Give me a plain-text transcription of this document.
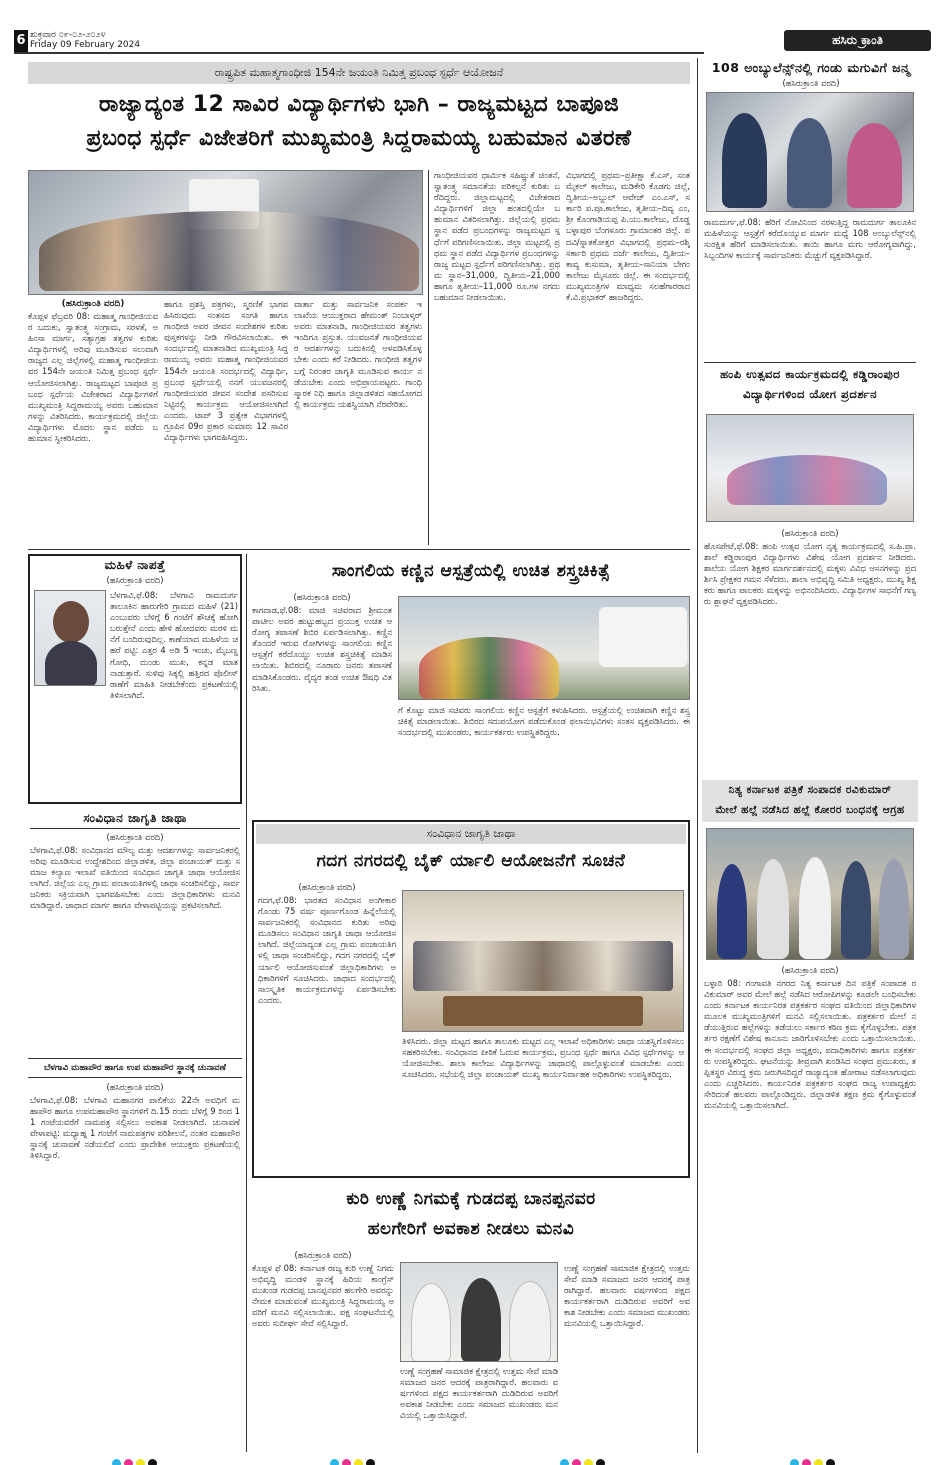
6 ಶುಕ್ರವಾರ ೦೯-೦೨-೨೦೨೪
Friday 09 February 2024	ಹಸಿರು ಕ್ರಾಂತಿ
ರಾಷ್ಟ್ರಪಿತ ಮಹಾತ್ಮಗಾಂಧೀಜಿ 154ನೇ ಜಯಂತಿ ನಿಮಿತ್ತ ಪ್ರಬಂಧ ಸ್ಪರ್ಧೆ ಆಯೋಜನೆ
ರಾಜ್ಯಾದ್ಯಂತ 12 ಸಾವಿರ ವಿದ್ಯಾರ್ಥಿಗಳು ಭಾಗಿ – ರಾಜ್ಯಮಟ್ಟದ ಬಾಪೂಜಿ
ಪ್ರಬಂಧ ಸ್ಪರ್ಧೆ ವಿಜೇತರಿಗೆ ಮುಖ್ಯಮಂತ್ರಿ ಸಿದ್ದರಾಮಯ್ಯ ಬಹುಮಾನ ವಿತರಣೆ
(ಹಸಿರುಕ್ರಾಂತಿ ವರದಿ)
ಕೊಪ್ಪಳ ಫೆಬ್ರವರಿ 08: ಮಹಾತ್ಮ ಗಾಂಧೀಜಿಯವರ ಬದುಕು, ಸ್ವಾತಂತ್ರ್ಯ ಸಂಗ್ರಾಮ, ಸರಳತೆ, ಅಹಿಂಸಾ ಮಾರ್ಗ, ಸತ್ಯಾಗ್ರಹ ತತ್ವಗಳ ಕುರಿತು ವಿದ್ಯಾರ್ಥಿಗಳಲ್ಲಿ ಅರಿವು ಮೂಡಿಸುವ ಸಲುವಾಗಿ ರಾಜ್ಯದ ಎಲ್ಲ ಜಿಲ್ಲೆಗಳಲ್ಲಿ ಮಹಾತ್ಮ ಗಾಂಧೀಜಿಯವರ 154ನೇ ಜಯಂತಿ ನಿಮಿತ್ತ ಪ್ರಬಂಧ ಸ್ಪರ್ಧೆ ಆಯೋಜಿಸಲಾಗಿತ್ತು. ರಾಜ್ಯಮಟ್ಟದ ಬಾಪೂಜಿ ಪ್ರಬಂಧ ಸ್ಪರ್ಧೆಯ ವಿಜೇತರಾದ ವಿದ್ಯಾರ್ಥಿಗಳಿಗೆ ಮುಖ್ಯಮಂತ್ರಿ ಸಿದ್ದರಾಮಯ್ಯ ಅವರು ಬಹುಮಾನಗಳನ್ನು ವಿತರಿಸಿದರು. ಕಾರ್ಯಕ್ರಮದಲ್ಲಿ ಜಿಲ್ಲೆಯ ವಿದ್ಯಾರ್ಥಿಗಳು ಮೊದಲ ಸ್ಥಾನ ಪಡೆದು ಬಹುಮಾನ ಸ್ವೀಕರಿಸಿದರು.
ಹಾಗೂ ಪ್ರಶಸ್ತಿ ಪತ್ರಗಳು, ಸ್ಮರಣಿಕೆ ಭಾಗವಹಿಸಿರುವುದು ಸಂತಸದ ಸಂಗತಿ ಹಾಗೂ ಗಾಂಧೀಜಿ ಅವರ ಜೀವನ ಸಂದೇಶಗಳ ಕುರಿತು ಪುಸ್ತಕಗಳನ್ನು ನೀಡಿ ಗೌರವಿಸಲಾಯಿತು. ಈ ಸಂದರ್ಭದಲ್ಲಿ ಮಾತನಾಡಿದ ಮುಖ್ಯಮಂತ್ರಿ ಸಿದ್ದರಾಮಯ್ಯ ಅವರು ಮಹಾತ್ಮ ಗಾಂಧೀಜಿಯವರ 154ನೇ ಜಯಂತಿ ಸಂದರ್ಭದಲ್ಲಿ ವಿದ್ಯಾರ್ಥಿ, ಪ್ರಬಂಧ ಸ್ಪರ್ಧೆಯಲ್ಲಿ ನನಗೆ ಯುವಜನರಲ್ಲಿ ಗಾಂಧೀಜಿಯವರ ಜೀವನ ಸಂದೇಶ ಪಸರಿಸುವ ನಿಟ್ಟಿನಲ್ಲಿ ಕಾರ್ಯಕ್ರಮ ಆಯೋಜಿಸಲಾಗಿದೆ ಎಂದರು. ಟಾಪ್ 3 ಪ್ರತ್ಯೇಕ ವಿಭಾಗಗಳಲ್ಲಿ ಗ್ರೂಪಿನ 09ರ ಪ್ರಕಾರ ಸುಮಾರು 12 ಸಾವಿರ ವಿದ್ಯಾರ್ಥಿಗಳು ಭಾಗವಹಿಸಿದ್ದರು.
ವಾರ್ತಾ ಮತ್ತು ಸಾರ್ವಜನಿಕ ಸಂಪರ್ಕ ಇಲಾಖೆಯ ಆಯುಕ್ತರಾದ ಹೇಮಂತ್ ನಿಂಬಾಳ್ಕರ್ ಅವರು ಮಾತನಾಡಿ, ಗಾಂಧೀಜಿಯವರ ತತ್ವಗಳು ಇಂದಿಗೂ ಪ್ರಸ್ತುತ. ಯುವಜನತೆ ಗಾಂಧೀಜಿಯವರ ಆದರ್ಶಗಳನ್ನು ಬದುಕಿನಲ್ಲಿ ಅಳವಡಿಸಿಕೊಳ್ಳಬೇಕು ಎಂದು ಕರೆ ನೀಡಿದರು. ಗಾಂಧೀಜಿ ತತ್ವಗಳ ಬಗ್ಗೆ ನಿರಂತರ ಜಾಗೃತಿ ಮೂಡಿಸುವ ಕಾರ್ಯ ನಡೆಯಬೇಕು ಎಂದು ಅಭಿಪ್ರಾಯಪಟ್ಟರು. ಗಾಂಧಿ ಸ್ಮಾರಕ ನಿಧಿ ಹಾಗೂ ಜಿಲ್ಲಾಡಳಿತದ ಸಹಯೋಗದಲ್ಲಿ ಕಾರ್ಯಕ್ರಮ ಯಶಸ್ವಿಯಾಗಿ ನೆರವೇರಿತು.
ಗಾಂಧೀಜಿಯವರ ಧಾರ್ಮಿಕ ಸಹಿಷ್ಣುತೆ ಚಿಂತನೆ, ಸ್ವಾತಂತ್ರ್ಯ ಸಮಾನತೆಯ ಪರಿಕಲ್ಪನೆ ಕುರಿತು ಬರೆದಿದ್ದರು. ಜಿಲ್ಲಾಮಟ್ಟದಲ್ಲಿ ವಿಜೇತರಾದ ವಿದ್ಯಾರ್ಥಿಗಳಿಗೆ ಜಿಲ್ಲಾ ಹಂತದಲ್ಲಿಯೇ ಬಹುಮಾನ ವಿತರಿಸಲಾಗಿತ್ತು. ಜಿಲ್ಲೆಯಲ್ಲಿ ಪ್ರಥಮ ಸ್ಥಾನ ಪಡೆದ ಪ್ರಬಂಧಗಳನ್ನು ರಾಜ್ಯಮಟ್ಟದ ಸ್ಪರ್ಧೆಗೆ ಪರಿಗಣಿಸಲಾಯಿತು. ಜಿಲ್ಲಾ ಮಟ್ಟದಲ್ಲಿ ಪ್ರಥಮ ಸ್ಥಾನ ಪಡೆದ ವಿದ್ಯಾರ್ಥಿಗಳ ಪ್ರಬಂಧಗಳನ್ನು ರಾಜ್ಯ ಮಟ್ಟದ ಸ್ಪರ್ಧೆಗೆ ಪರಿಗಣಿಸಲಾಗಿತ್ತು. ಪ್ರಥಮ ಸ್ಥಾನ–31,000, ದ್ವಿತೀಯ–21,000 ಹಾಗೂ ತೃತೀಯ–11,000 ರೂ.ಗಳ ನಗದು ಬಹುಮಾನ ನೀಡಲಾಯಿತು.
ವಿಭಾಗದಲ್ಲಿ ಪ್ರಥಮ–ಪ್ರತೀಕ್ಷಾ ಕೆ.ಎಸ್, ಸಂತ ಮೈಕಲ್ ಕಾಲೇಜು, ಮಡಿಕೇರಿ ಕೊಡಗು ಜಿಲ್ಲೆ, ದ್ವಿತೀಯ–ಅಬ್ದುಲ್ ಆವೇಜ್ ಎಂ.ಎಸ್, ಸರ್ಕಾರಿ ಪ.ಪೂ.ಕಾಲೇಜು, ತೃತೀಯ–ದಿವ್ಯ ಎಂ, ಶ್ರೀ ಕೊಂಗಾಡಿಯಪ್ಪ ಪಿ.ಯು.ಕಾಲೇಜು, ದೊಡ್ಡಬಳ್ಳಾಪುರ ಬೆಂಗಳೂರು ಗ್ರಾಮಾಂತರ ಜಿಲ್ಲೆ. ಪದವಿ/ಸ್ನಾತಕೋತ್ತರ ವಿಭಾಗದಲ್ಲಿ ಪ್ರಥಮ–ರಶ್ಮಿ ಸರ್ಕಾರಿ ಪ್ರಥಮ ದರ್ಜೆ ಕಾಲೇಜು, ದ್ವಿತೀಯ–ಕಾವ್ಯ ಕುಸುಮಾ, ತೃತೀಯ–ಸಾನಿಯಾ ಬೇಗಂ ಕಾಲೇಜು ಮೈಸೂರು ಜಿಲ್ಲೆ. ಈ ಸಂದರ್ಭದಲ್ಲಿ ಮುಖ್ಯಮಂತ್ರಿಗಳ ಮಾಧ್ಯಮ ಸಲಹೆಗಾರರಾದ ಕೆ.ವಿ.ಪ್ರಭಾಕರ್ ಹಾಜರಿದ್ದರು.
108 ಅಂಬ್ಯುಲೆನ್ಸ್‌ನಲ್ಲಿ ಗಂಡು ಮಗುವಿಗೆ ಜನ್ಮ
(ಹಸಿರುಕ್ರಾಂತಿ ವರದಿ)
ರಾಮದುರ್ಗ,ಫೆ.08: ಹೆರಿಗೆ ನೋವಿನಿಂದ ನರಳುತ್ತಿದ್ದ ರಾಮದುರ್ಗ ತಾಲೂಕಿನ ಮಹಿಳೆಯನ್ನು ಆಸ್ಪತ್ರೆಗೆ ಕರೆದೊಯ್ಯುವ ಮಾರ್ಗ ಮಧ್ಯೆ 108 ಅಂಬ್ಯುಲೆನ್ಸ್‌ನಲ್ಲಿ ಸುರಕ್ಷಿತ ಹೆರಿಗೆ ಮಾಡಿಸಲಾಯಿತು. ತಾಯಿ ಹಾಗೂ ಮಗು ಆರೋಗ್ಯವಾಗಿದ್ದು, ಸಿಬ್ಬಂದಿಗಳ ಕಾರ್ಯಕ್ಕೆ ಸಾರ್ವಜನಿಕರು ಮೆಚ್ಚುಗೆ ವ್ಯಕ್ತಪಡಿಸಿದ್ದಾರೆ.
ಹಂಪಿ ಉತ್ಸವದ ಕಾರ್ಯಕ್ರಮದಲ್ಲಿ ಕಡ್ಡಿರಾಂಪುರ
ವಿದ್ಯಾರ್ಥಿಗಳಿಂದ ಯೋಗ ಪ್ರದರ್ಶನ
(ಹಸಿರುಕ್ರಾಂತಿ ವರದಿ)
ಹೊಸಪೇಟೆ,ಫೆ.08: ಹಂಪಿ ಉತ್ಸವ ಯೋಗ ನೃತ್ಯ ಕಾರ್ಯಕ್ರಮದಲ್ಲಿ ಸ.ಹಿ.ಪ್ರಾ.ಶಾಲೆ ಕಡ್ಡಿರಾಂಪುರ ವಿದ್ಯಾರ್ಥಿಗಳು ವಿಶೇಷ ಯೋಗ ಪ್ರದರ್ಶನ ನೀಡಿದರು. ಶಾಲೆಯ ಯೋಗ ಶಿಕ್ಷಕರ ಮಾರ್ಗದರ್ಶನದಲ್ಲಿ ಮಕ್ಕಳು ವಿವಿಧ ಆಸನಗಳನ್ನು ಪ್ರದರ್ಶಿಸಿ ಪ್ರೇಕ್ಷಕರ ಗಮನ ಸೆಳೆದರು. ಶಾಲಾ ಅಭಿವೃದ್ಧಿ ಸಮಿತಿ ಅಧ್ಯಕ್ಷರು, ಮುಖ್ಯ ಶಿಕ್ಷಕರು ಹಾಗೂ ಪಾಲಕರು ಮಕ್ಕಳನ್ನು ಅಭಿನಂದಿಸಿದರು. ವಿದ್ಯಾರ್ಥಿಗಳ ಸಾಧನೆಗೆ ಗಣ್ಯರು ಶ್ಲಾಘನೆ ವ್ಯಕ್ತಪಡಿಸಿದರು.
ನಿತ್ಯ ಕರ್ನಾಟಕ ಪತ್ರಿಕೆ ಸಂಪಾದಕ ರವಿಕುಮಾರ್
ಮೇಲೆ ಹಲ್ಲೆ ನಡೆಸಿದ ಹಲ್ಲೆ ಕೋರರ ಬಂಧನಕ್ಕೆ ಆಗ್ರಹ
(ಹಸಿರುಕ್ರಾಂತಿ ವರದಿ)
ಬಳ್ಳಾರಿ 08: ಗಂಗಾವತಿ ನಗರದ ನಿತ್ಯ ಕರ್ನಾಟಕ ದಿನ ಪತ್ರಿಕೆ ಸಂಪಾದಕ ರವಿಕುಮಾರ್ ಅವರ ಮೇಲೆ ಹಲ್ಲೆ ನಡೆಸಿದ ಆರೋಪಿಗಳನ್ನು ಕೂಡಲೇ ಬಂಧಿಸಬೇಕು ಎಂದು ಕರ್ನಾಟಕ ಕಾರ್ಯನಿರತ ಪತ್ರಕರ್ತರ ಸಂಘದ ವತಿಯಿಂದ ಜಿಲ್ಲಾಧಿಕಾರಿಗಳ ಮೂಲಕ ಮುಖ್ಯಮಂತ್ರಿಗಳಿಗೆ ಮನವಿ ಸಲ್ಲಿಸಲಾಯಿತು. ಪತ್ರಕರ್ತರ ಮೇಲೆ ನಡೆಯುತ್ತಿರುವ ಹಲ್ಲೆಗಳನ್ನು ತಡೆಯಲು ಸರ್ಕಾರ ಕಠಿಣ ಕ್ರಮ ಕೈಗೊಳ್ಳಬೇಕು. ಪತ್ರಕರ್ತರ ರಕ್ಷಣೆಗೆ ವಿಶೇಷ ಕಾನೂನು ಜಾರಿಗೊಳಿಸಬೇಕು ಎಂದು ಒತ್ತಾಯಿಸಲಾಯಿತು. ಈ ಸಂದರ್ಭದಲ್ಲಿ ಸಂಘದ ಜಿಲ್ಲಾ ಅಧ್ಯಕ್ಷರು, ಪದಾಧಿಕಾರಿಗಳು ಹಾಗೂ ಪತ್ರಕರ್ತರು ಉಪಸ್ಥಿತರಿದ್ದರು. ಘಟನೆಯನ್ನು ತೀವ್ರವಾಗಿ ಖಂಡಿಸಿದ ಸಂಘದ ಪ್ರಮುಖರು, ತಪ್ಪಿತಸ್ಥರ ವಿರುದ್ಧ ಕ್ರಮ ಜರುಗಿಸದಿದ್ದರೆ ರಾಜ್ಯಾದ್ಯಂತ ಹೋರಾಟ ನಡೆಸಲಾಗುವುದು ಎಂದು ಎಚ್ಚರಿಸಿದರು. ಕಾರ್ಯನಿರತ ಪತ್ರಕರ್ತರ ಸಂಘದ ರಾಜ್ಯ ಉಪಾಧ್ಯಕ್ಷರು ಸೇರಿದಂತೆ ಹಲವರು ಪಾಲ್ಗೊಂಡಿದ್ದರು. ಜಿಲ್ಲಾಡಳಿತ ತಕ್ಷಣ ಕ್ರಮ ಕೈಗೊಳ್ಳುವಂತೆ ಮನವಿಯಲ್ಲಿ ಒತ್ತಾಯಿಸಲಾಗಿದೆ.
ಮಹಿಳೆ ನಾಪತ್ತೆ
(ಹಸಿರುಕ್ರಾಂತಿ ವರದಿ)
ಬೆಳಗಾವಿ,ಫೆ.08: ಬೆಳಗಾವಿ ರಾಮದುರ್ಗ ತಾಲೂಕಿನ ಹಾರುಗೇರಿ ಗ್ರಾಮದ ಮಹಿಳೆ (21) ಎಂಬುವರು ಬೆಳಿಗ್ಗೆ 6 ಗಂಟೆಗೆ ಶೌಚಕ್ಕೆ ಹೋಗಿ ಬರುತ್ತೇನೆ ಎಂದು ಹೇಳಿ ಹೋದವರು ಮರಳಿ ಮನೆಗೆ ಬಂದಿರುವುದಿಲ್ಲ. ಕಾಣೆಯಾದ ಮಹಿಳೆಯ ಚಹರೆ ಪಟ್ಟಿ: ಎತ್ತರ 4 ಅಡಿ 5 ಇಂಚು, ಮೈಬಣ್ಣ ಗೋಧಿ, ದುಂಡು ಮುಖ, ಕನ್ನಡ ಮಾತನಾಡುತ್ತಾರೆ. ಸುಳಿವು ಸಿಕ್ಕಲ್ಲಿ ಹತ್ತಿರದ ಪೊಲೀಸ್ ಠಾಣೆಗೆ ಮಾಹಿತಿ ನೀಡಬೇಕೆಂದು ಪ್ರಕಟಣೆಯಲ್ಲಿ ತಿಳಿಸಲಾಗಿದೆ.
ಸಂವಿಧಾನ ಜಾಗೃತಿ ಜಾಥಾ
(ಹಸಿರುಕ್ರಾಂತಿ ವರದಿ)
ಬೆಳಗಾವಿ,ಫೆ.08: ಸಂವಿಧಾನದ ಮೌಲ್ಯ ಮತ್ತು ಆದರ್ಶಗಳನ್ನು ಸಾರ್ವಜನಿಕರಲ್ಲಿ ಅರಿವು ಮೂಡಿಸುವ ಉದ್ದೇಶದಿಂದ ಜಿಲ್ಲಾಡಳಿತ, ಜಿಲ್ಲಾ ಪಂಚಾಯತ್ ಮತ್ತು ಸಮಾಜ ಕಲ್ಯಾಣ ಇಲಾಖೆ ವತಿಯಿಂದ ಸಂವಿಧಾನ ಜಾಗೃತಿ ಜಾಥಾ ಆಯೋಜಿಸಲಾಗಿದೆ. ಜಿಲ್ಲೆಯ ಎಲ್ಲ ಗ್ರಾಮ ಪಂಚಾಯತಿಗಳಲ್ಲಿ ಜಾಥಾ ಸಂಚರಿಸಲಿದ್ದು, ಸಾರ್ವಜನಿಕರು ಸಕ್ರಿಯವಾಗಿ ಭಾಗವಹಿಸಬೇಕು ಎಂದು ಜಿಲ್ಲಾಧಿಕಾರಿಗಳು ಮನವಿ ಮಾಡಿದ್ದಾರೆ. ಜಾಥಾದ ಮಾರ್ಗ ಹಾಗೂ ವೇಳಾಪಟ್ಟಿಯನ್ನು ಪ್ರಕಟಿಸಲಾಗಿದೆ.
ಬೆಳಗಾವಿ ಮಹಾಪೌರ ಹಾಗೂ ಉಪ ಮಹಾಪೌರ ಸ್ಥಾನಕ್ಕೆ ಚುನಾವಣೆ
(ಹಸಿರುಕ್ರಾಂತಿ ವರದಿ)
ಬೆಳಗಾವಿ,ಫೆ.08: ಬೆಳಗಾವಿ ಮಹಾನಗರ ಪಾಲಿಕೆಯ 22ನೇ ಅವಧಿಗೆ ಮಹಾಪೌರ ಹಾಗೂ ಉಪಮಹಾಪೌರ ಸ್ಥಾನಗಳಿಗೆ ದಿ.15 ರಂದು ಬೆಳಿಗ್ಗೆ 9 ರಿಂದ 11 ಗಂಟೆಯವರೆಗೆ ನಾಮಪತ್ರ ಸಲ್ಲಿಸಲು ಅವಕಾಶ ನೀಡಲಾಗಿದೆ. ಚುನಾವಣೆ ವೇಳಾಪಟ್ಟಿ: ಮಧ್ಯಾಹ್ನ 1 ಗಂಟೆಗೆ ನಾಮಪತ್ರಗಳ ಪರಿಶೀಲನೆ, ನಂತರ ಮಹಾಪೌರ ಸ್ಥಾನಕ್ಕೆ ಚುನಾವಣೆ ನಡೆಯಲಿದೆ ಎಂದು ಪ್ರಾದೇಶಿಕ ಆಯುಕ್ತರು ಪ್ರಕಟಣೆಯಲ್ಲಿ ತಿಳಿಸಿದ್ದಾರೆ.
ಸಾಂಗಲಿಯ ಕಣ್ಣಿನ ಆಸ್ಪತ್ರೆಯಲ್ಲಿ ಉಚಿತ ಶಸ್ತ್ರಚಿಕಿತ್ಸೆ
(ಹಸಿರುಕ್ರಾಂತಿ ವರದಿ)
ಕಾಗವಾಡ,ಫೆ.08: ಮಾಜಿ ಸಚಿವರಾದ ಶ್ರೀಮಂತ ಪಾಟೀಲ ಅವರ ಹುಟ್ಟುಹಬ್ಬದ ಪ್ರಯುಕ್ತ ಉಚಿತ ಆರೋಗ್ಯ ತಪಾಸಣೆ ಶಿಬಿರ ಏರ್ಪಡಿಸಲಾಗಿತ್ತು. ಕಣ್ಣಿನ ತೊಂದರೆ ಇರುವ ರೋಗಿಗಳನ್ನು ಸಾಂಗಲಿಯ ಕಣ್ಣಿನ ಆಸ್ಪತ್ರೆಗೆ ಕರೆದೊಯ್ದು ಉಚಿತ ಶಸ್ತ್ರಚಿಕಿತ್ಸೆ ಮಾಡಿಸಲಾಯಿತು. ಶಿಬಿರದಲ್ಲಿ ನೂರಾರು ಜನರು ತಪಾಸಣೆ ಮಾಡಿಸಿಕೊಂಡರು. ವೈದ್ಯರ ತಂಡ ಉಚಿತ ಔಷಧಿ ವಿತರಿಸಿತು.
ಗೆ ಕೊಟ್ಟು ಮಾಜಿ ಸಚಿವರು ಸಾಂಗಲಿಯ ಕಣ್ಣಿನ ಆಸ್ಪತ್ರೆಗೆ ಕಳುಹಿಸಿದರು. ಆಸ್ಪತ್ರೆಯಲ್ಲಿ ಉಚಿತವಾಗಿ ಕಣ್ಣಿನ ಶಸ್ತ್ರಚಿಕಿತ್ಸೆ ಮಾಡಲಾಯಿತು. ಶಿಬಿರದ ಸದುಪಯೋಗ ಪಡೆದುಕೊಂಡ ಫಲಾನುಭವಿಗಳು ಸಂತಸ ವ್ಯಕ್ತಪಡಿಸಿದರು. ಈ ಸಂದರ್ಭದಲ್ಲಿ ಮುಖಂಡರು, ಕಾರ್ಯಕರ್ತರು ಉಪಸ್ಥಿತರಿದ್ದರು.
ಸಂವಿಧಾನ ಜಾಗೃತಿ ಜಾಥಾ
ಗದಗ ನಗರದಲ್ಲಿ ಬೈಕ್ ರ್ಯಾಲಿ ಆಯೋಜನೆಗೆ ಸೂಚನೆ
(ಹಸಿರುಕ್ರಾಂತಿ ವರದಿ)
ಗದಗ,ಫೆ.08: ಭಾರತದ ಸಂವಿಧಾನ ಅಂಗೀಕಾರಗೊಂಡು 75 ವರ್ಷ ಪೂರ್ಣಗೊಂಡ ಹಿನ್ನೆಲೆಯಲ್ಲಿ ಸಾರ್ವಜನಿಕರಲ್ಲಿ ಸಂವಿಧಾನದ ಕುರಿತು ಅರಿವು ಮೂಡಿಸಲು ಸಂವಿಧಾನ ಜಾಗೃತಿ ಜಾಥಾ ಆಯೋಜಿಸಲಾಗಿದೆ. ಜಿಲ್ಲೆಯಾದ್ಯಂತ ಎಲ್ಲ ಗ್ರಾಮ ಪಂಚಾಯತಿಗಳಲ್ಲಿ ಜಾಥಾ ಸಂಚರಿಸಲಿದ್ದು, ಗದಗ ನಗರದಲ್ಲಿ ಬೈಕ್ ರ್ಯಾಲಿ ಆಯೋಜಿಸುವಂತೆ ಜಿಲ್ಲಾಧಿಕಾರಿಗಳು ಅಧಿಕಾರಿಗಳಿಗೆ ಸೂಚಿಸಿದರು. ಜಾಥಾದ ಸಂದರ್ಭದಲ್ಲಿ ಸಾಂಸ್ಕೃತಿಕ ಕಾರ್ಯಕ್ರಮಗಳನ್ನು ಏರ್ಪಡಿಸಬೇಕು ಎಂದರು.
ತಿಳಿಸಿದರು. ಜಿಲ್ಲಾ ಮಟ್ಟದ ಹಾಗೂ ತಾಲೂಕು ಮಟ್ಟದ ಎಲ್ಲ ಇಲಾಖೆ ಅಧಿಕಾರಿಗಳು ಜಾಥಾ ಯಶಸ್ವಿಗೊಳಿಸಲು ಸಹಕರಿಸಬೇಕು. ಸಂವಿಧಾನದ ಪೀಠಿಕೆ ಓದುವ ಕಾರ್ಯಕ್ರಮ, ಪ್ರಬಂಧ ಸ್ಪರ್ಧೆ ಹಾಗೂ ವಿವಿಧ ಸ್ಪರ್ಧೆಗಳನ್ನು ಆಯೋಜಿಸಬೇಕು. ಶಾಲಾ ಕಾಲೇಜು ವಿದ್ಯಾರ್ಥಿಗಳನ್ನು ಜಾಥಾದಲ್ಲಿ ಪಾಲ್ಗೊಳ್ಳುವಂತೆ ಮಾಡಬೇಕು ಎಂದು ಸೂಚಿಸಿದರು. ಸಭೆಯಲ್ಲಿ ಜಿಲ್ಲಾ ಪಂಚಾಯತ್ ಮುಖ್ಯ ಕಾರ್ಯನಿರ್ವಾಹಕ ಅಧಿಕಾರಿಗಳು ಉಪಸ್ಥಿತರಿದ್ದರು.
ಕುರಿ ಉಣ್ಣೆ ನಿಗಮಕ್ಕೆ ಗುಡದಪ್ಪ ಬಾನಪ್ಪನವರ
ಹಲಗೇರಿಗೆ ಅವಕಾಶ ನೀಡಲು ಮನವಿ
(ಹಸಿರುಕ್ರಾಂತಿ ವರದಿ)
ಕೊಪ್ಪಳ ಫೆ 08: ಕರ್ನಾಟಕ ರಾಜ್ಯ ಕುರಿ ಉಣ್ಣೆ ನಿಗಮ ಅಭಿವೃದ್ಧಿ ಮಂಡಳಿ ಸ್ಥಾನಕ್ಕೆ ಹಿರಿಯ ಕಾಂಗ್ರೆಸ್ ಮುಖಂಡ ಗುಡದಪ್ಪ ಬಾನಪ್ಪನವರ ಹಲಗೇರಿ ಅವರನ್ನು ನೇಮಕ ಮಾಡುವಂತೆ ಮುಖ್ಯಮಂತ್ರಿ ಸಿದ್ದರಾಮಯ್ಯ ಅವರಿಗೆ ಮನವಿ ಸಲ್ಲಿಸಲಾಯಿತು. ಪಕ್ಷ ಸಂಘಟನೆಯಲ್ಲಿ ಅವರು ಸುದೀರ್ಘ ಸೇವೆ ಸಲ್ಲಿಸಿದ್ದಾರೆ.
ಉಣ್ಣೆ ಸಂಗ್ರಹಣೆ ಸಾಮಾಜಿಕ ಕ್ಷೇತ್ರದಲ್ಲಿ ಉತ್ತಮ ಸೇವೆ ಮಾಡಿ ಸಮಾಜದ ಜನರ ಆದರಕ್ಕೆ ಪಾತ್ರರಾಗಿದ್ದಾರೆ. ಹಲವಾರು ವರ್ಷಗಳಿಂದ ಪಕ್ಷದ ಕಾರ್ಯಕರ್ತರಾಗಿ ದುಡಿದಿರುವ ಅವರಿಗೆ ಅವಕಾಶ ನೀಡಬೇಕು ಎಂದು ಸಮಾಜದ ಮುಖಂಡರು ಮನವಿಯಲ್ಲಿ ಒತ್ತಾಯಿಸಿದ್ದಾರೆ.
ಉಣ್ಣೆ ಸಂಗ್ರಹಣೆ ಸಾಮಾಜಿಕ ಕ್ಷೇತ್ರದಲ್ಲಿ ಉತ್ತಮ ಸೇವೆ ಮಾಡಿ ಸಮಾಜದ ಜನರ ಆದರಕ್ಕೆ ಪಾತ್ರರಾಗಿದ್ದಾರೆ. ಹಲವಾರು ವರ್ಷಗಳಿಂದ ಪಕ್ಷದ ಕಾರ್ಯಕರ್ತರಾಗಿ ದುಡಿದಿರುವ ಅವರಿಗೆ ಅವಕಾಶ ನೀಡಬೇಕು ಎಂದು ಸಮಾಜದ ಮುಖಂಡರು ಮನವಿಯಲ್ಲಿ ಒತ್ತಾಯಿಸಿದ್ದಾರೆ.
